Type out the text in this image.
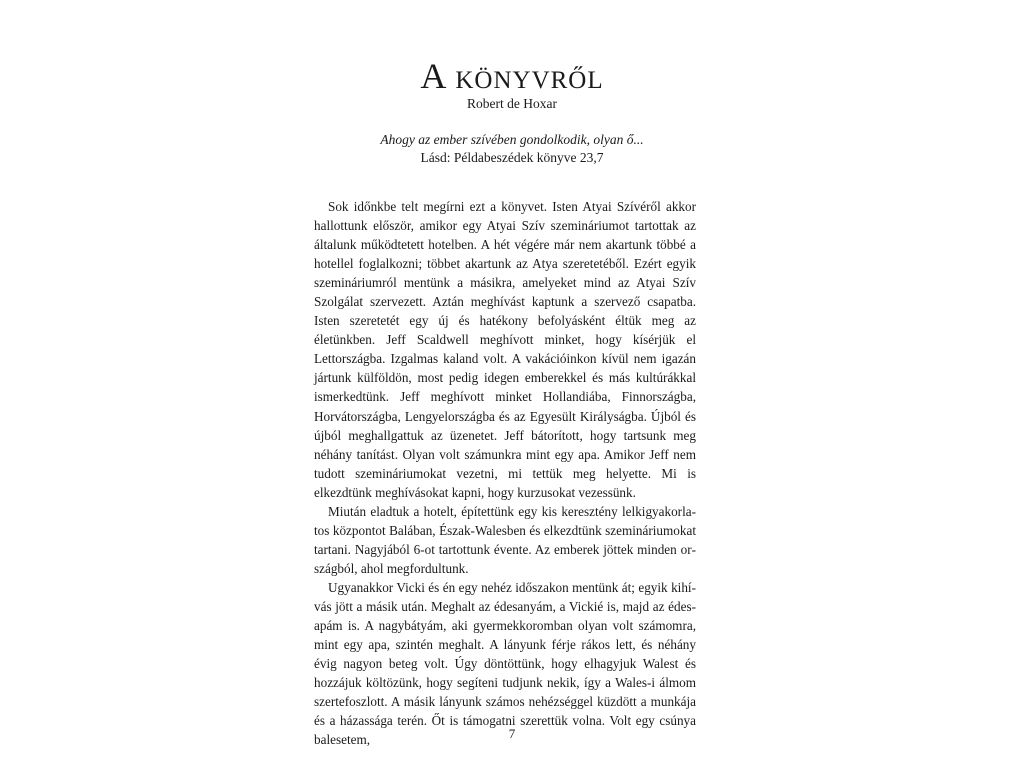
A könyvről
Robert de Hoxar
Ahogy az ember szívében gondolkodik, olyan ő...
Lásd: Példabeszédek könyve 23,7

Sok időnkbe telt megírni ezt a könyvet. Isten Atyai Szívéről akkor hallottunk először, amikor egy Atyai Szív szemináriumot tartottak az általunk működtetett hotelben. A hét végére már nem akartunk többé a hotellel foglalkozni; többet akartunk az Atya szeretetéből. Ezért egyik szemináriumról mentünk a másikra, amelyeket mind az Atyai Szív Szolgálat szervezett. Aztán meghívást kaptunk a szervező csapatba. Isten szeretetét egy új és hatékony befolyásként éltük meg az életünkben. Jeff Scaldwell meghívott minket, hogy kísérjük el Lettországba. Izgalmas kaland volt. A vakációinkon kívül nem igazán jártunk külföldön, most pedig idegen emberekkel és más kultúrákkal ismerkedtünk. Jeff meghívott minket Hollandiába, Finnországba, Horvátországba, Lengyelországba és az Egyesült Királyságba. Újból és újból meghallgattuk az üzenetet. Jeff bátorított, hogy tartsunk meg néhány tanítást. Olyan volt számunkra mint egy apa. Amikor Jeff nem tudott szemináriumokat vezetni, mi tettük meg helyette. Mi is elkezdtünk meghívásokat kapni, hogy kurzusokat vezessünk.

Miután eladtuk a hotelt, építettünk egy kis keresztény lelkigyakorlatos központot Balában, Észak-Walesben és elkezdtünk szemináriumokat tartani. Nagyjából 6-ot tartottunk évente. Az emberek jöttek minden országból, ahol megfordultunk.

Ugyanakkor Vicki és én egy nehéz időszakon mentünk át; egyik kihívás jött a másik után. Meghalt az édesanyám, a Vickié is, majd az édesapám is. A nagybátyám, aki gyermekkoromban olyan volt számomra, mint egy apa, szintén meghalt. A lányunk férje rákos lett, és néhány évig nagyon beteg volt. Úgy döntöttünk, hogy elhagyjuk Walest és hozzájuk költözünk, hogy segíteni tudjunk nekik, így a Wales-i álmom szertefoszlott. A másik lányunk számos nehézséggel küzdött a munkája és a házassága terén. Őt is támogatni szerettük volna. Volt egy csúnya balesetem,	7
